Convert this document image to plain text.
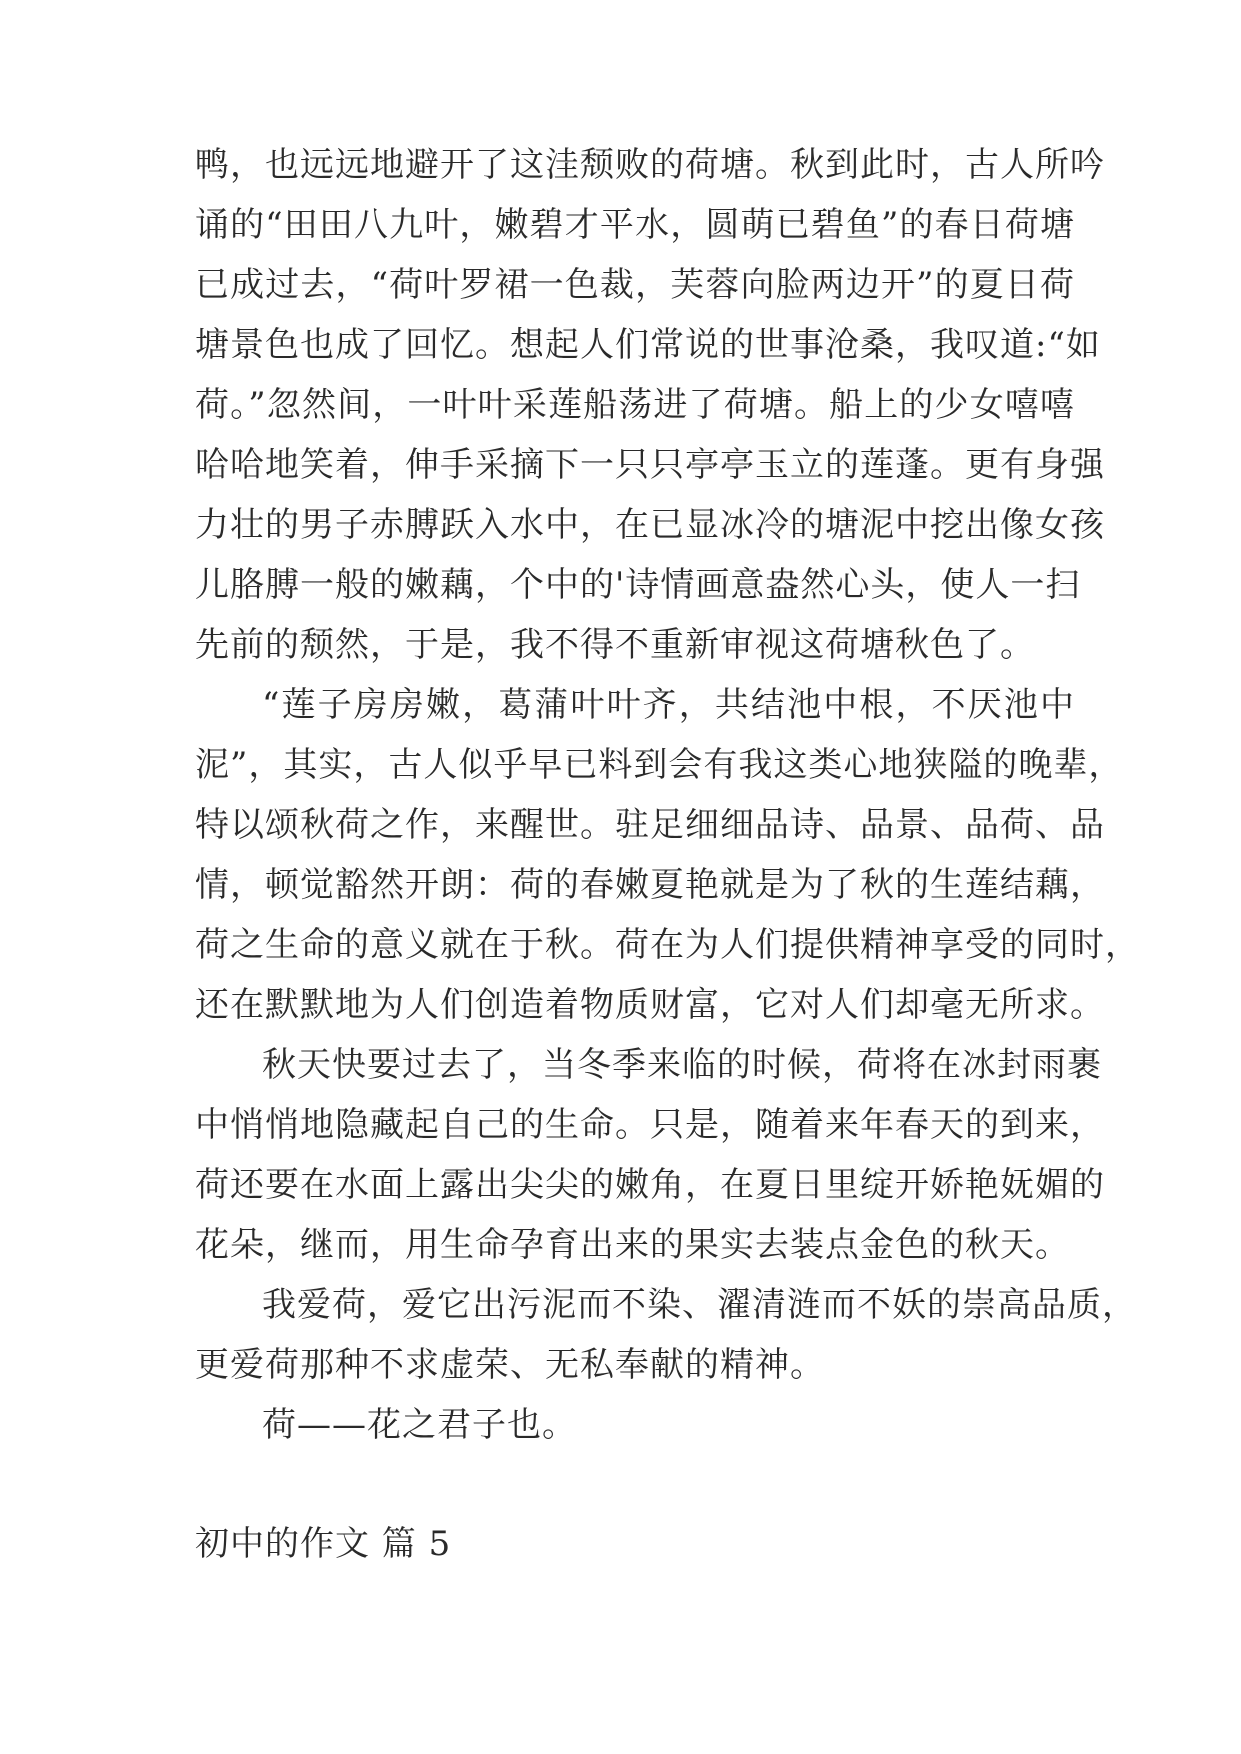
鸭，也远远地避开了这洼颓败的荷塘。秋到此时，古人所吟
诵的“田田八九叶，嫩碧才平水，圆萌已碧鱼”的春日荷塘
已成过去，“荷叶罗裙一色裁，芙蓉向脸两边开”的夏日荷
塘景色也成了回忆。想起人们常说的世事沧桑，我叹道:“如
荷。”忽然间，一叶叶采莲船荡进了荷塘。船上的少女嘻嘻
哈哈地笑着，伸手采摘下一只只亭亭玉立的莲蓬。更有身强
力壮的男子赤膊跃入水中，在已显冰冷的塘泥中挖出像女孩
儿胳膊一般的嫩藕，个中的'诗情画意盎然心头，使人一扫
先前的颓然，于是，我不得不重新审视这荷塘秋色了。
“莲子房房嫩，葛蒲叶叶齐，共结池中根，不厌池中
泥”，其实，古人似乎早已料到会有我这类心地狭隘的晚辈，
特以颂秋荷之作，来醒世。驻足细细品诗、品景、品荷、品
情，顿觉豁然开朗：荷的春嫩夏艳就是为了秋的生莲结藕，
荷之生命的意义就在于秋。荷在为人们提供精神享受的同时，
还在默默地为人们创造着物质财富，它对人们却毫无所求。
秋天快要过去了，当冬季来临的时候，荷将在冰封雨裹
中悄悄地隐藏起自己的生命。只是，随着来年春天的到来，
荷还要在水面上露出尖尖的嫩角，在夏日里绽开娇艳妩媚的
花朵，继而，用生命孕育出来的果实去装点金色的秋天。
我爱荷，爱它出污泥而不染、濯清涟而不妖的崇高品质，
更爱荷那种不求虚荣、无私奉献的精神。
荷——花之君子也。
初中的作文 篇 5
